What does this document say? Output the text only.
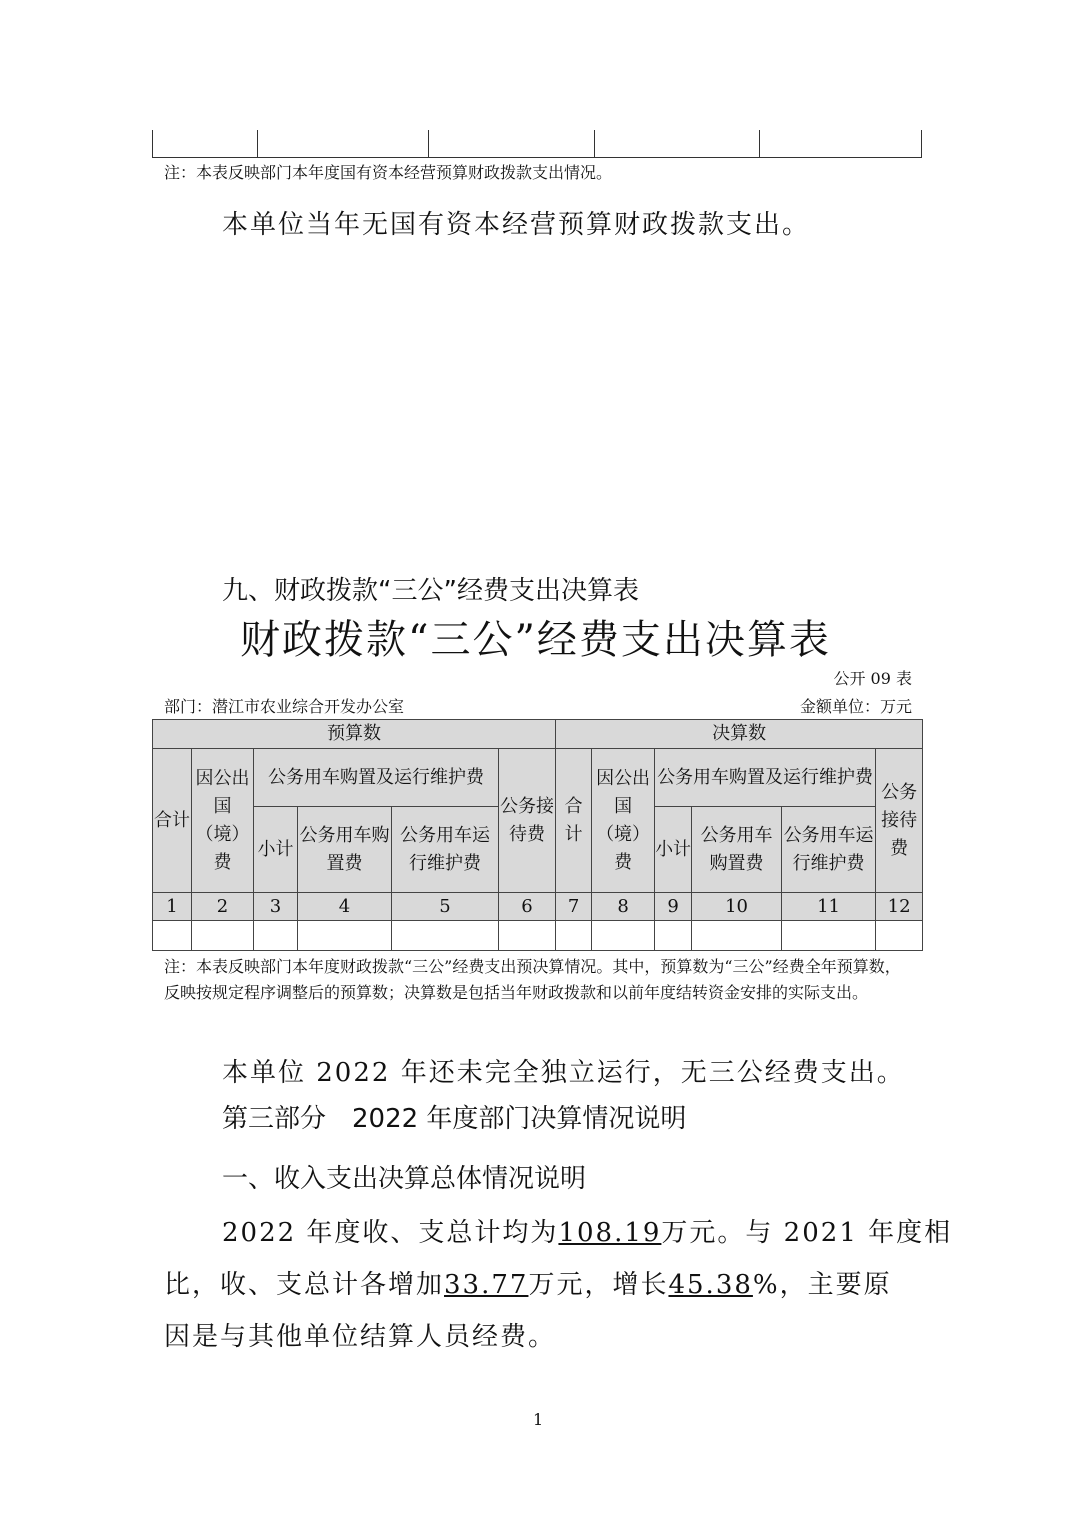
注：本表反映部门本年度国有资本经营预算财政拨款支出情况。
本单位当年无国有资本经营预算财政拨款支出。
九、财政拨款“三公”经费支出决算表
财政拨款“三公”经费支出决算表
公开 09 表
部门：潜江市农业综合开发办公室	金额单位：万元
预算数						决算数					
合计	因公出国（境）费	公务用车购置及运行维护费			公务接待费	合计	因公出国（境）费	公务用车购置及运行维护费			公务接待费
		小计	公务用车购置费	公务用车运行维护费				小计	公务用车购置费	公务用车运行维护费	
1	2	3	4	5	6	7	8	9	10	11	12

注：本表反映部门本年度财政拨款“三公”经费支出预决算情况。其中，预算数为“三公”经费全年预算数，反映按规定程序调整后的预算数；决算数是包括当年财政拨款和以前年度结转资金安排的实际支出。
本单位 2022 年还未完全独立运行，无三公经费支出。
第三部分　2022 年度部门决算情况说明
一、收入支出决算总体情况说明
2022 年度收、支总计均为108.19万元。与 2021 年度相
比，收、支总计各增加33.77万元，增长45.38%，主要原
因是与其他单位结算人员经费。
1
